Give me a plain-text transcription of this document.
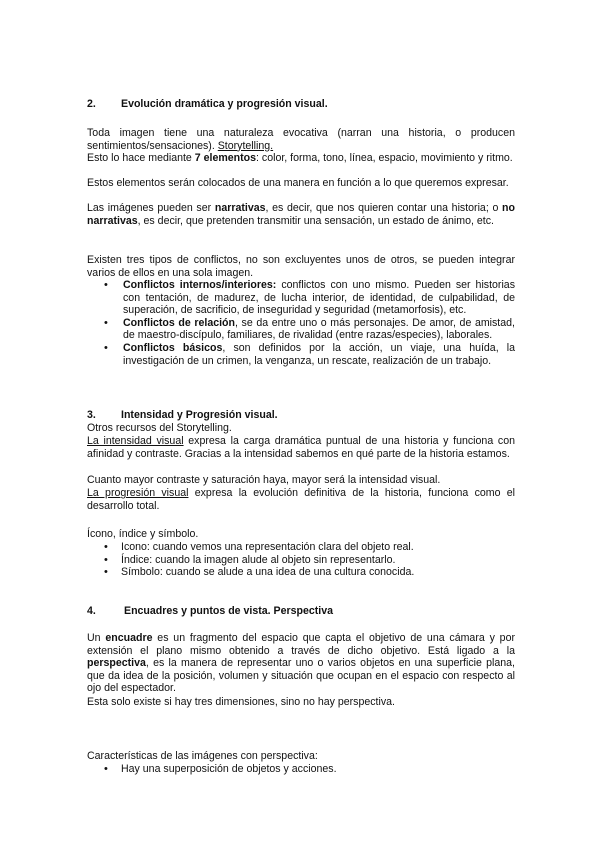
2. Evolución dramática y progresión visual.
Toda imagen tiene una naturaleza evocativa (narran una historia, o producen sentimientos/sensaciones). Storytelling.
Esto lo hace mediante 7 elementos: color, forma, tono, línea, espacio, movimiento y ritmo.
Estos elementos serán colocados de una manera en función a lo que queremos expresar.
Las imágenes pueden ser narrativas, es decir, que nos quieren contar una historia; o no narrativas, es decir, que pretenden transmitir una sensación, un estado de ánimo, etc.
Existen tres tipos de conflictos, no son excluyentes unos de otros, se pueden integrar varios de ellos en una sola imagen.
• Conflictos internos/interiores: conflictos con uno mismo. Pueden ser historias con tentación, de madurez, de lucha interior, de identidad, de culpabilidad, de superación, de sacrificio, de inseguridad y seguridad (metamorfosis), etc.
• Conflictos de relación, se da entre uno o más personajes. De amor, de amistad, de maestro-discípulo, familiares, de rivalidad (entre razas/especies), laborales.
• Conflictos básicos, son definidos por la acción, un viaje, una huída, la investigación de un crimen, la venganza, un rescate, realización de un trabajo.
3. Intensidad y Progresión visual.
Otros recursos del Storytelling.
La intensidad visual expresa la carga dramática puntual de una historia y funciona con afinidad y contraste. Gracias a la intensidad sabemos en qué parte de la historia estamos.
Cuanto mayor contraste y saturación haya, mayor será la intensidad visual.
La progresión visual expresa la evolución definitiva de la historia, funciona como el desarrollo total.
Ícono, índice y símbolo.
• Icono: cuando vemos una representación clara del objeto real.
• Índice: cuando la imagen alude al objeto sin representarlo.
• Símbolo: cuando se alude a una idea de una cultura conocida.
4.	Encuadres y puntos de vista. Perspectiva
Un encuadre es un fragmento del espacio que capta el objetivo de una cámara y por extensión el plano mismo obtenido a través de dicho objetivo. Está ligado a la perspectiva, es la manera de representar uno o varios objetos en una superficie plana, que da idea de la posición, volumen y situación que ocupan en el espacio con respecto al ojo del espectador.
Esta solo existe si hay tres dimensiones, sino no hay perspectiva.
Características de las imágenes con perspectiva:
• Hay una superposición de objetos y acciones.
